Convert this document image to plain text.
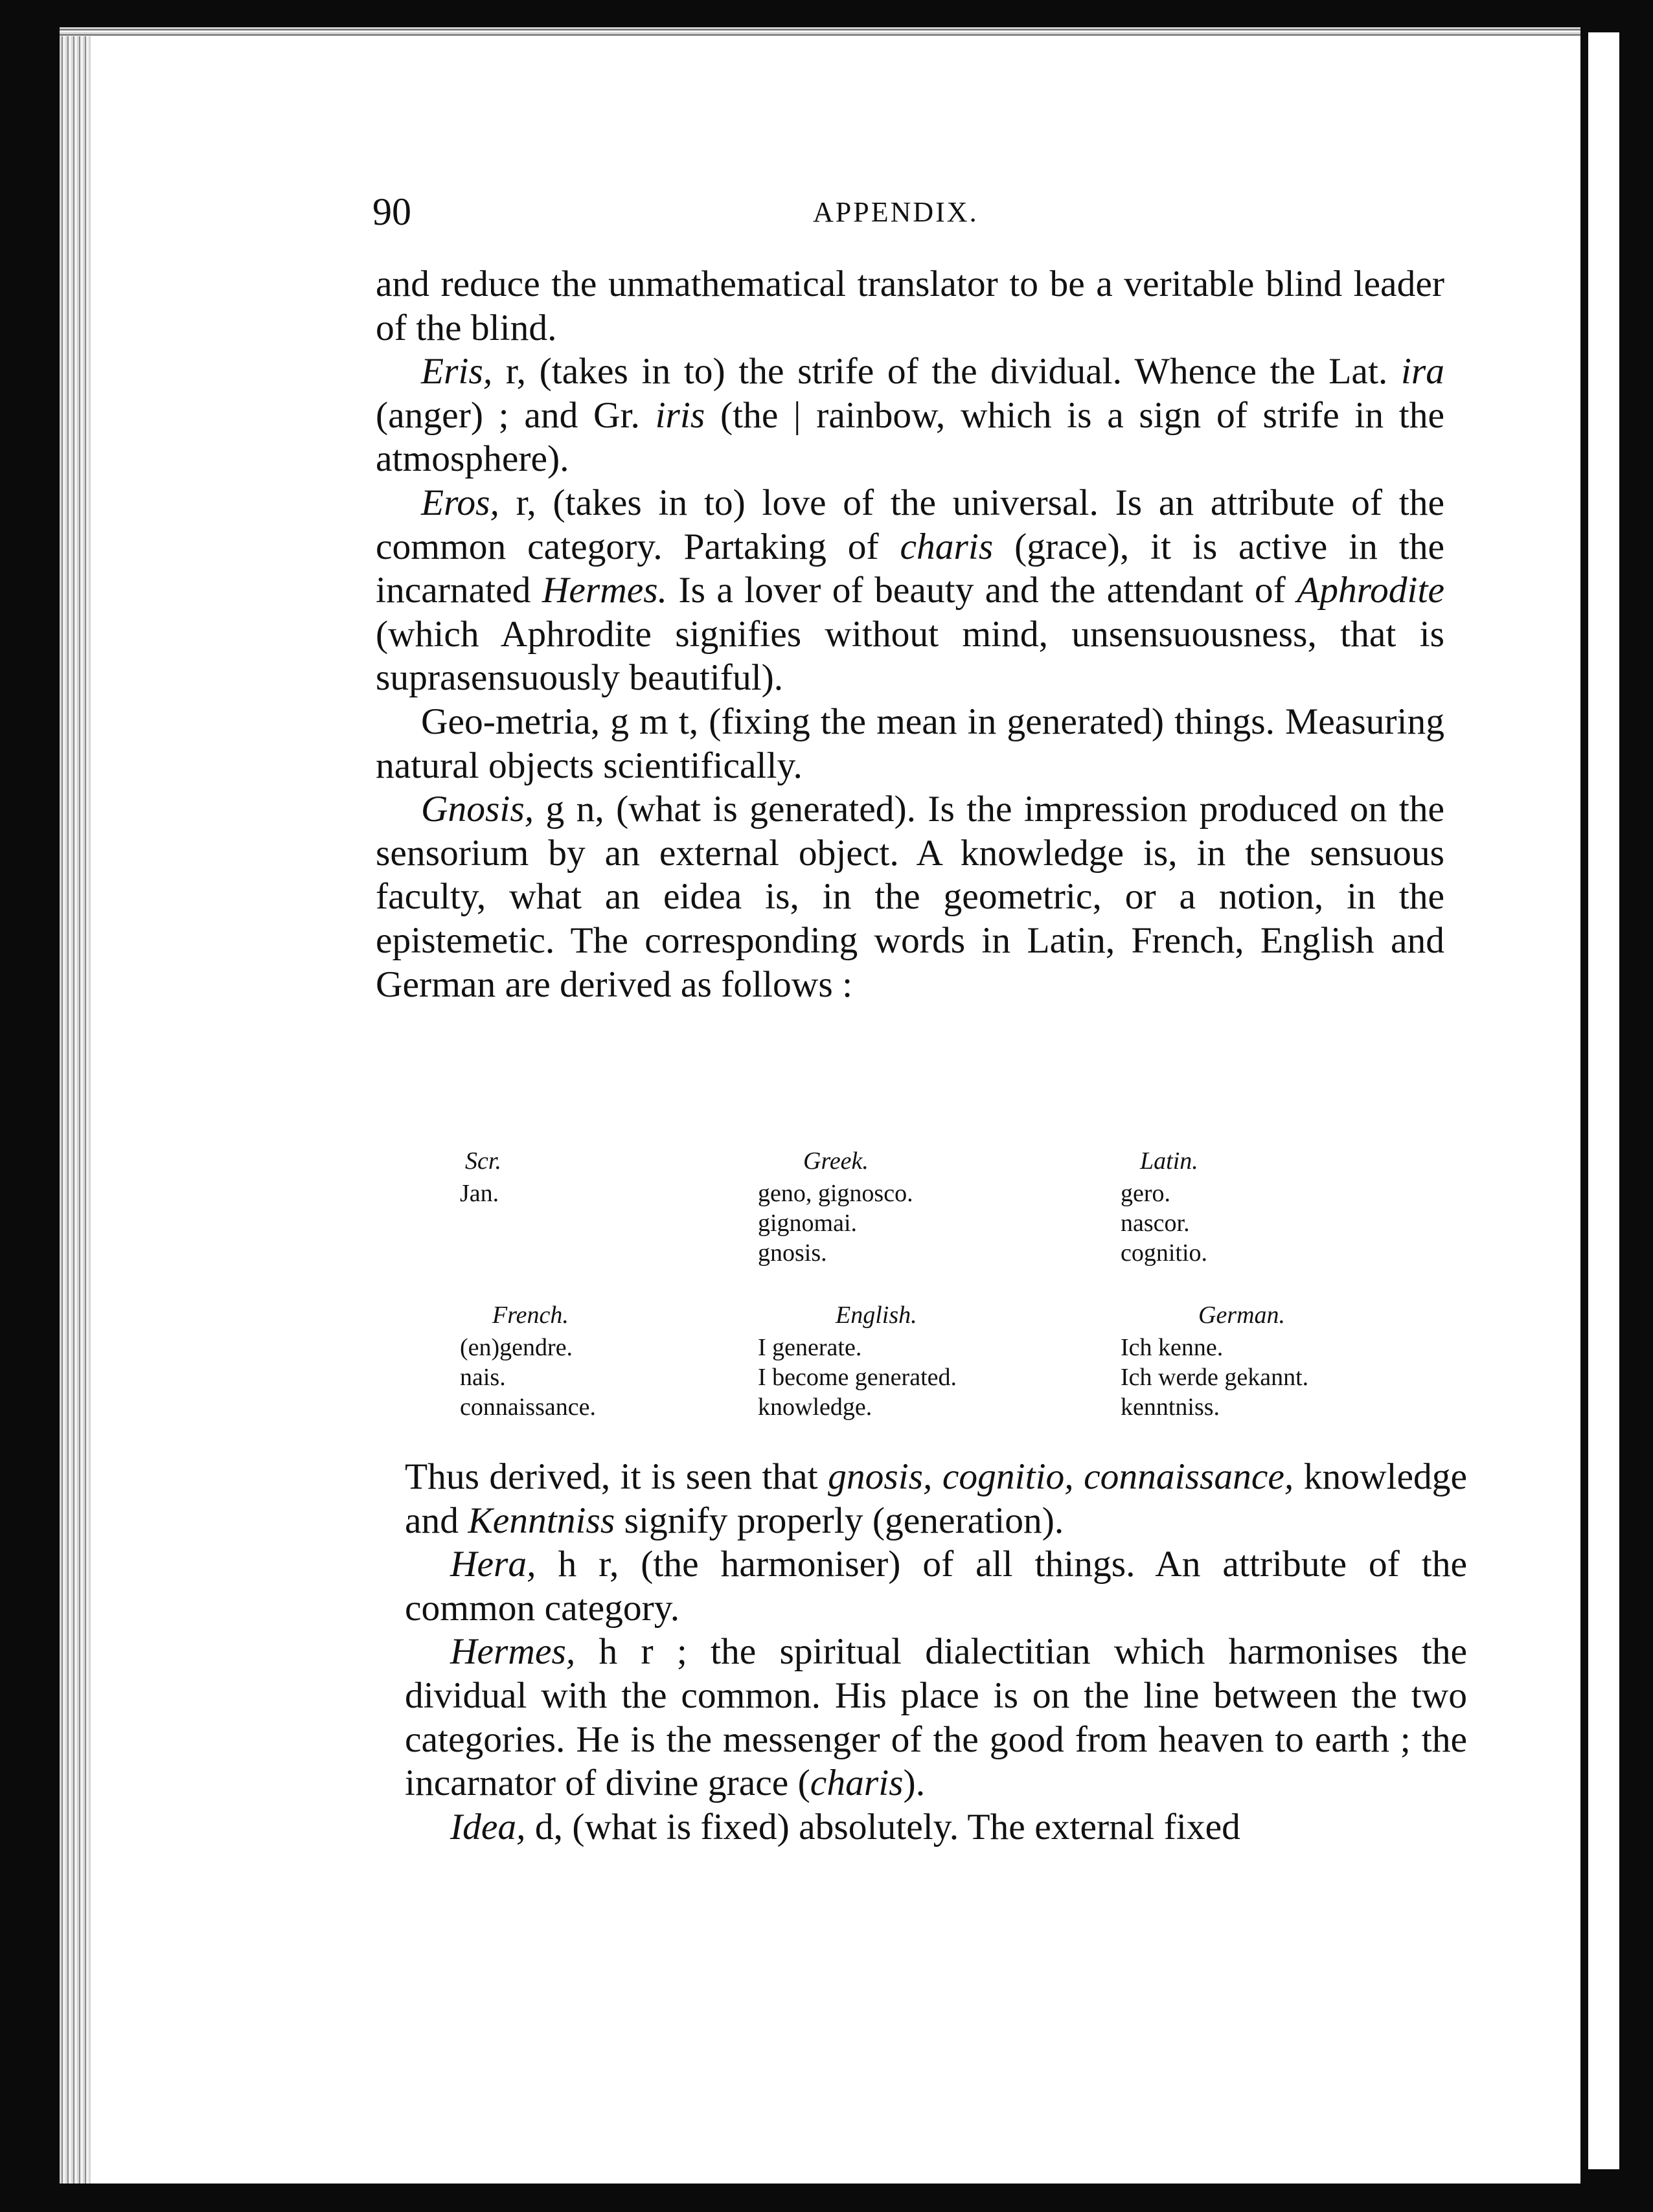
90	APPENDIX.

and reduce the unmathematical translator to be a veritable blind leader of the blind.

Eris, r, (takes in to) the strife of the dividual. Whence the Lat. ira (anger) ; and Gr. iris (the | rainbow, which is a sign of strife in the atmosphere).

Eros, r, (takes in to) love of the universal. Is an attribute of the common category. Partaking of charis (grace), it is active in the incarnated Hermes. Is a lover of beauty and the attendant of Aphrodite (which Aphrodite signifies without mind, unsensuousness, that is suprasensuously beautiful).

Geo-metria, g m t, (fixing the mean in generated) things. Measuring natural objects scientifically.

Gnosis, g n, (what is generated). Is the impression produced on the sensorium by an external object. A knowledge is, in the sensuous faculty, what an eidea is, in the geometric, or a notion, in the epistemetic. The corresponding words in Latin, French, English and German are derived as follows :

Scr.
Jan.
Greek.
geno, gignosco.
gignomai.
gnosis.
Latin.
gero.
nascor.
cognitio.
French.
(en)gendre.
nais.
connaissance.
English.
I generate.
I become generated.
knowledge.
German.
Ich kenne.
Ich werde gekannt.
kenntniss.

Thus derived, it is seen that gnosis, cognitio, connaissance, knowledge and Kenntniss signify properly (generation).

Hera, h r, (the harmoniser) of all things. An attribute of the common category.

Hermes, h r ; the spiritual dialectitian which harmonises the dividual with the common. His place is on the line between the two categories. He is the messenger of the good from heaven to earth ; the incarnator of divine grace (charis).

Idea, d, (what is fixed) absolutely. The external fixed
